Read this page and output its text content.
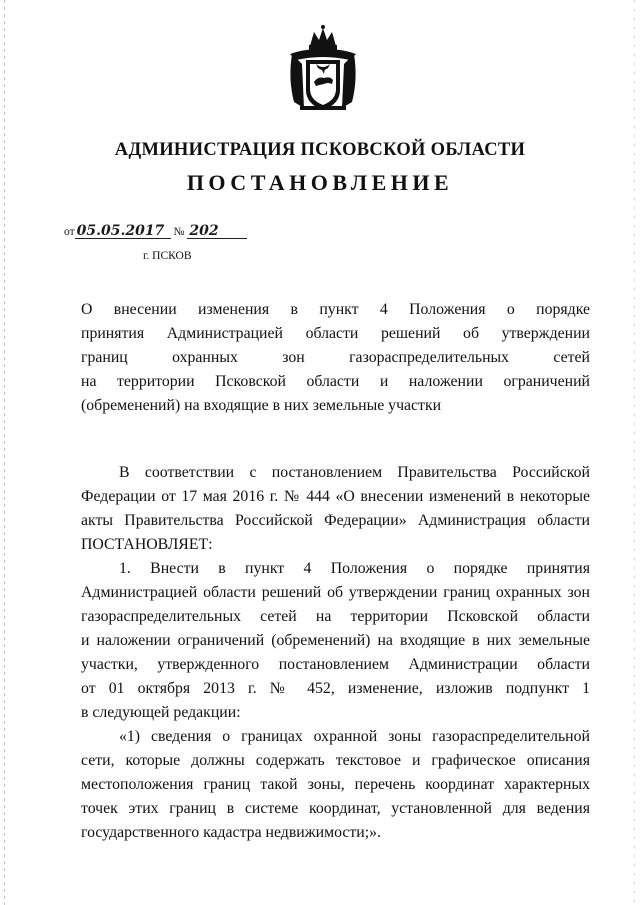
АДМИНИСТРАЦИЯ ПСКОВСКОЙ ОБЛАСТИ
ПОСТАНОВЛЕНИЕ
от 05.05.2017 № 202
г. ПСКОВ
О внесении изменения в пункт 4 Положения о порядке
принятия Администрацией области решений об утверждении
границ охранных зон газораспределительных сетей
на территории Псковской области и наложении ограничений
(обременений) на входящие в них земельные участки
В соответствии с постановлением Правительства Российской
Федерации от 17 мая 2016 г. № 444 «О внесении изменений в некоторые
акты Правительства Российской Федерации» Администрация области
ПОСТАНОВЛЯЕТ:
1. Внести в пункт 4 Положения о порядке принятия
Администрацией области решений об утверждении границ охранных зон
газораспределительных сетей на территории Псковской области
и наложении ограничений (обременений) на входящие в них земельные
участки, утвержденного постановлением Администрации области
от 01 октября 2013 г. № 452, изменение, изложив подпункт 1
в следующей редакции:
«1) сведения о границах охранной зоны газораспределительной
сети, которые должны содержать текстовое и графическое описания
местоположения границ такой зоны, перечень координат характерных
точек этих границ в системе координат, установленной для ведения
государственного кадастра недвижимости;».
